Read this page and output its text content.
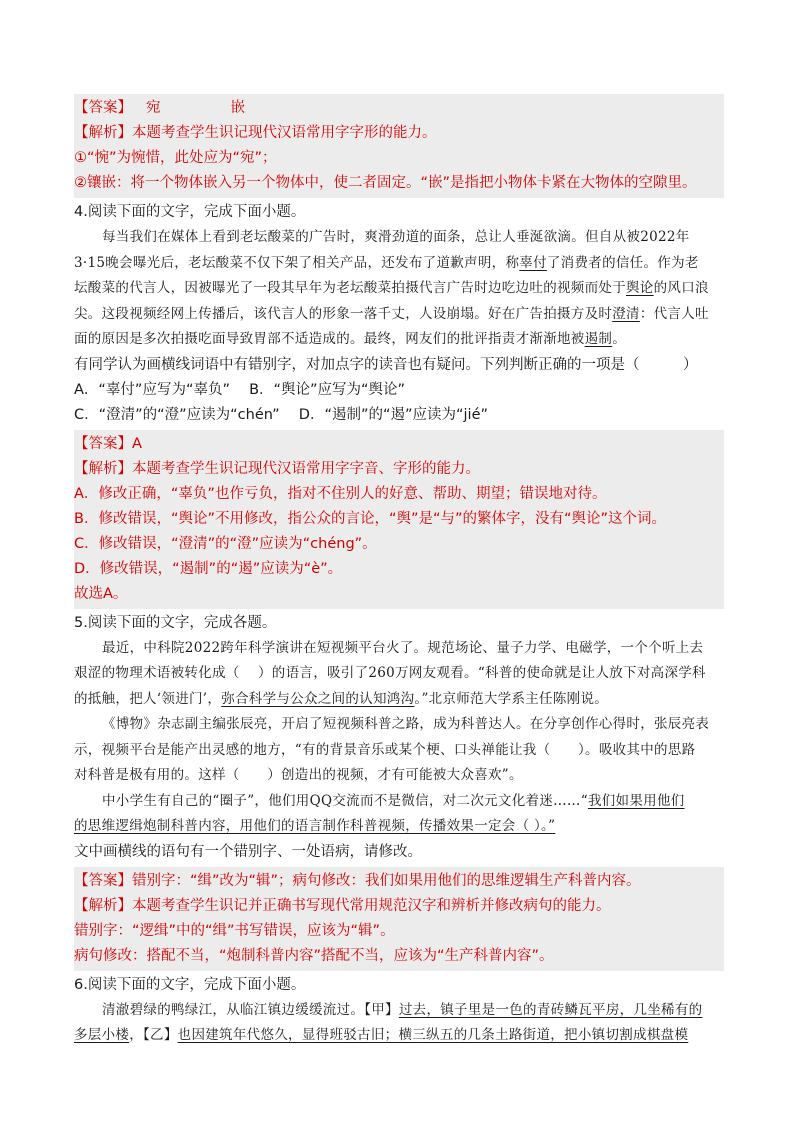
【答案】 宛	嵌
【解析】本题考查学生识记现代汉语常用字字形的能力。
①“惋”为惋惜，此处应为“宛”；
②镶嵌：将一个物体嵌入另一个物体中，使二者固定。“嵌”是指把小物体卡紧在大物体的空隙里。
4.阅读下面的文字，完成下面小题。
每当我们在媒体上看到老坛酸菜的广告时，爽滑劲道的面条，总让人垂涎欲滴。但自从被2022年
3·15晚会曝光后，老坛酸菜不仅下架了相关产品，还发布了道歉声明，称辜付了消费者的信任。作为老
坛酸菜的代言人，因被曝光了一段其早年为老坛酸菜拍摄代言广告时边吃边吐的视频而处于舆论的风口浪
尖。这段视频经网上传播后，该代言人的形象一落千丈，人设崩塌。好在广告拍摄方及时澄清：代言人吐
面的原因是多次拍摄吃面导致胃部不适造成的。最终，网友们的批评指责才渐渐地被遏制。
有同学认为画横线词语中有错别字，对加点字的读音也有疑问。下列判断正确的一项是（　　　）
A．“辜付”应写为“辜负”　 B．“舆论”应写为“舆论”
C．“澄清”的“澄”应读为“chén”　 D．“遏制”的“遏”应读为“jié”
【答案】A
【解析】本题考查学生识记现代汉语常用字字音、字形的能力。
A．修改正确，“辜负”也作亏负，指对不住别人的好意、帮助、期望；错误地对待。
B．修改错误，“舆论”不用修改，指公众的言论，“舆”是“与”的繁体字，没有“舆论”这个词。
C．修改错误，“澄清”的“澄”应读为“chéng”。
D．修改错误，“遏制”的“遏”应读为“è”。
故选A。
5.阅读下面的文字，完成各题。
最近，中科院2022跨年科学演讲在短视频平台火了。规范场论、量子力学、电磁学，一个个听上去
艰涩的物理术语被转化成（　 ）的语言，吸引了260万网友观看。“科普的使命就是让人放下对高深学科
的抵触，把人‘领进门’，弥合科学与公众之间的认知鸿沟。”北京师范大学系主任陈刚说。
《博物》杂志副主编张辰亮，开启了短视频科普之路，成为科普达人。在分享创作心得时，张辰亮表
示，视频平台是能产出灵感的地方，“有的背景音乐或某个梗、口头禅能让我（　　）。吸收其中的思路
对科普是极有用的。这样（　　）创造出的视频，才有可能被大众喜欢”。
中小学生有自己的“圈子”，他们用QQ交流而不是微信，对二次元文化着迷……“我们如果用他们
的思维逻缉炮制科普内容，用他们的语言制作科普视频，传播效果一定会（ ）。”
文中画横线的语句有一个错别字、一处语病，请修改。
【答案】错别字：“缉”改为“辑”；病句修改：我们如果用他们的思维逻辑生产科普内容。
【解析】本题考查学生识记并正确书写现代常用规范汉字和辨析并修改病句的能力。
错别字：“逻缉”中的“缉”书写错误，应该为“辑”。
病句修改：搭配不当，“炮制科普内容”搭配不当，应该为“生产科普内容”。
6.阅读下面的文字，完成下面小题。
清澈碧绿的鸭绿江，从临江镇边缓缓流过。【甲】过去，镇子里是一色的青砖鳞瓦平房，几坐稀有的
多层小楼，【乙】也因建筑年代悠久，显得班驳古旧；横三纵五的几条土路街道，把小镇切割成棋盘模
